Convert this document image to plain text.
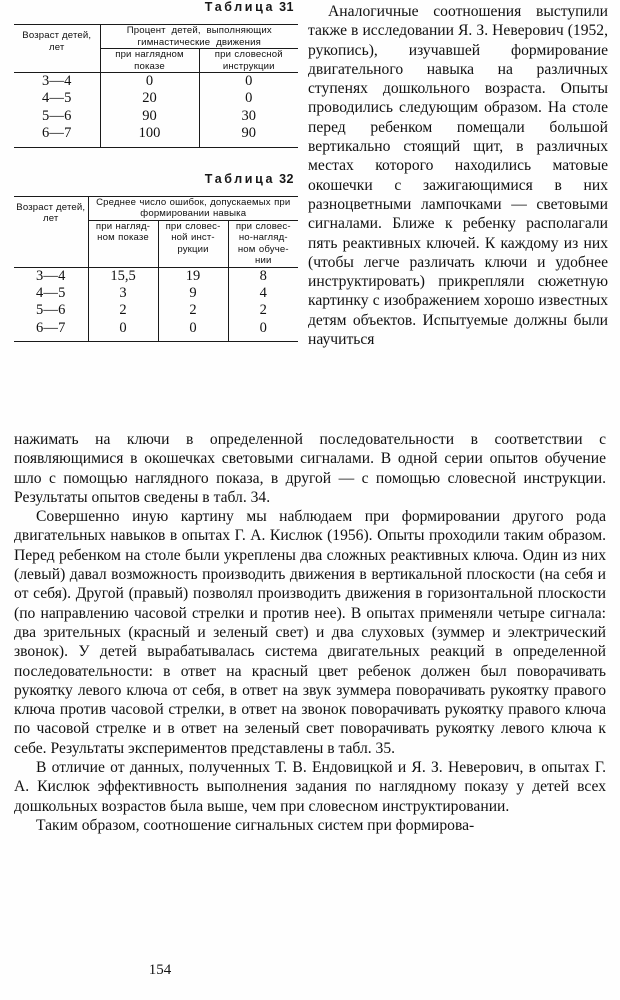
Таблица 31
Возраст детей, лет	Процент детей, выполняющих гимнастические движения	
	при наглядном показе	при словесной инструкции
3—4	0	0
4—5	20	0
5—6	90	30
6—7	100	90
Таблица 32
Возраст детей, лет	Среднее число ошибок, допускаемых при формировании навыка		
	при нагляд- ном показе	при словес- ной инст- рукции	при словес- но-нагляд- ном обуче- нии
3—4	15,5	19	8
4—5	3	9	4
5—6	2	2	2
6—7	0	0	0

Аналогичные соотношения выступили также в исследовании Я. З. Неверович (1952, рукопись), изучавшей формирование двигательного навыка на различных ступенях дошкольного возраста. Опыты проводились следующим образом. На столе перед ребенком помещали большой вертикально стоящий щит, в различных местах которого находились матовые окошечки с зажигающимися в них разноцветными лампочками — световыми сигналами. Ближе к ребенку располагали пять реактивных ключей. К каждому из них (чтобы легче различать ключи и удобнее инструктировать) прикрепляли сюжетную картинку с изображением хорошо известных детям объектов. Испытуемые должны были научиться

нажимать на ключи в определенной последовательности в соответствии с появляющимися в окошечках световыми сигналами. В одной серии опытов обучение шло с помощью наглядного показа, в другой — с помощью словесной инструкции. Результаты опытов сведены в табл. 34.

Совершенно иную картину мы наблюдаем при формировании другого рода двигательных навыков в опытах Г. А. Кислюк (1956). Опыты проходили таким образом. Перед ребенком на столе были укреплены два сложных реактивных ключа. Один из них (левый) давал возможность производить движения в вертикальной плоскости (на себя и от себя). Другой (правый) позволял производить движения в горизонтальной плоскости (по направлению часовой стрелки и против нее). В опытах применяли четыре сигнала: два зрительных (красный и зеленый свет) и два слуховых (зуммер и электрический звонок). У детей вырабатывалась система двигательных реакций в определенной последовательности: в ответ на красный цвет ребенок должен был поворачивать рукоятку левого ключа от себя, в ответ на звук зуммера поворачивать рукоятку правого ключа против часовой стрелки, в ответ на звонок поворачивать рукоятку правого ключа по часовой стрелке и в ответ на зеленый свет поворачивать рукоятку левого ключа к себе. Результаты экспериментов представлены в табл. 35.

В отличие от данных, полученных Т. В. Ендовицкой и Я. З. Неверович, в опытах Г. А. Кислюк эффективность выполнения задания по наглядному показу у детей всех дошкольных возрастов была выше, чем при словесном инструктировании.

Таким образом, соотношение сигнальных систем при формирова-

154
